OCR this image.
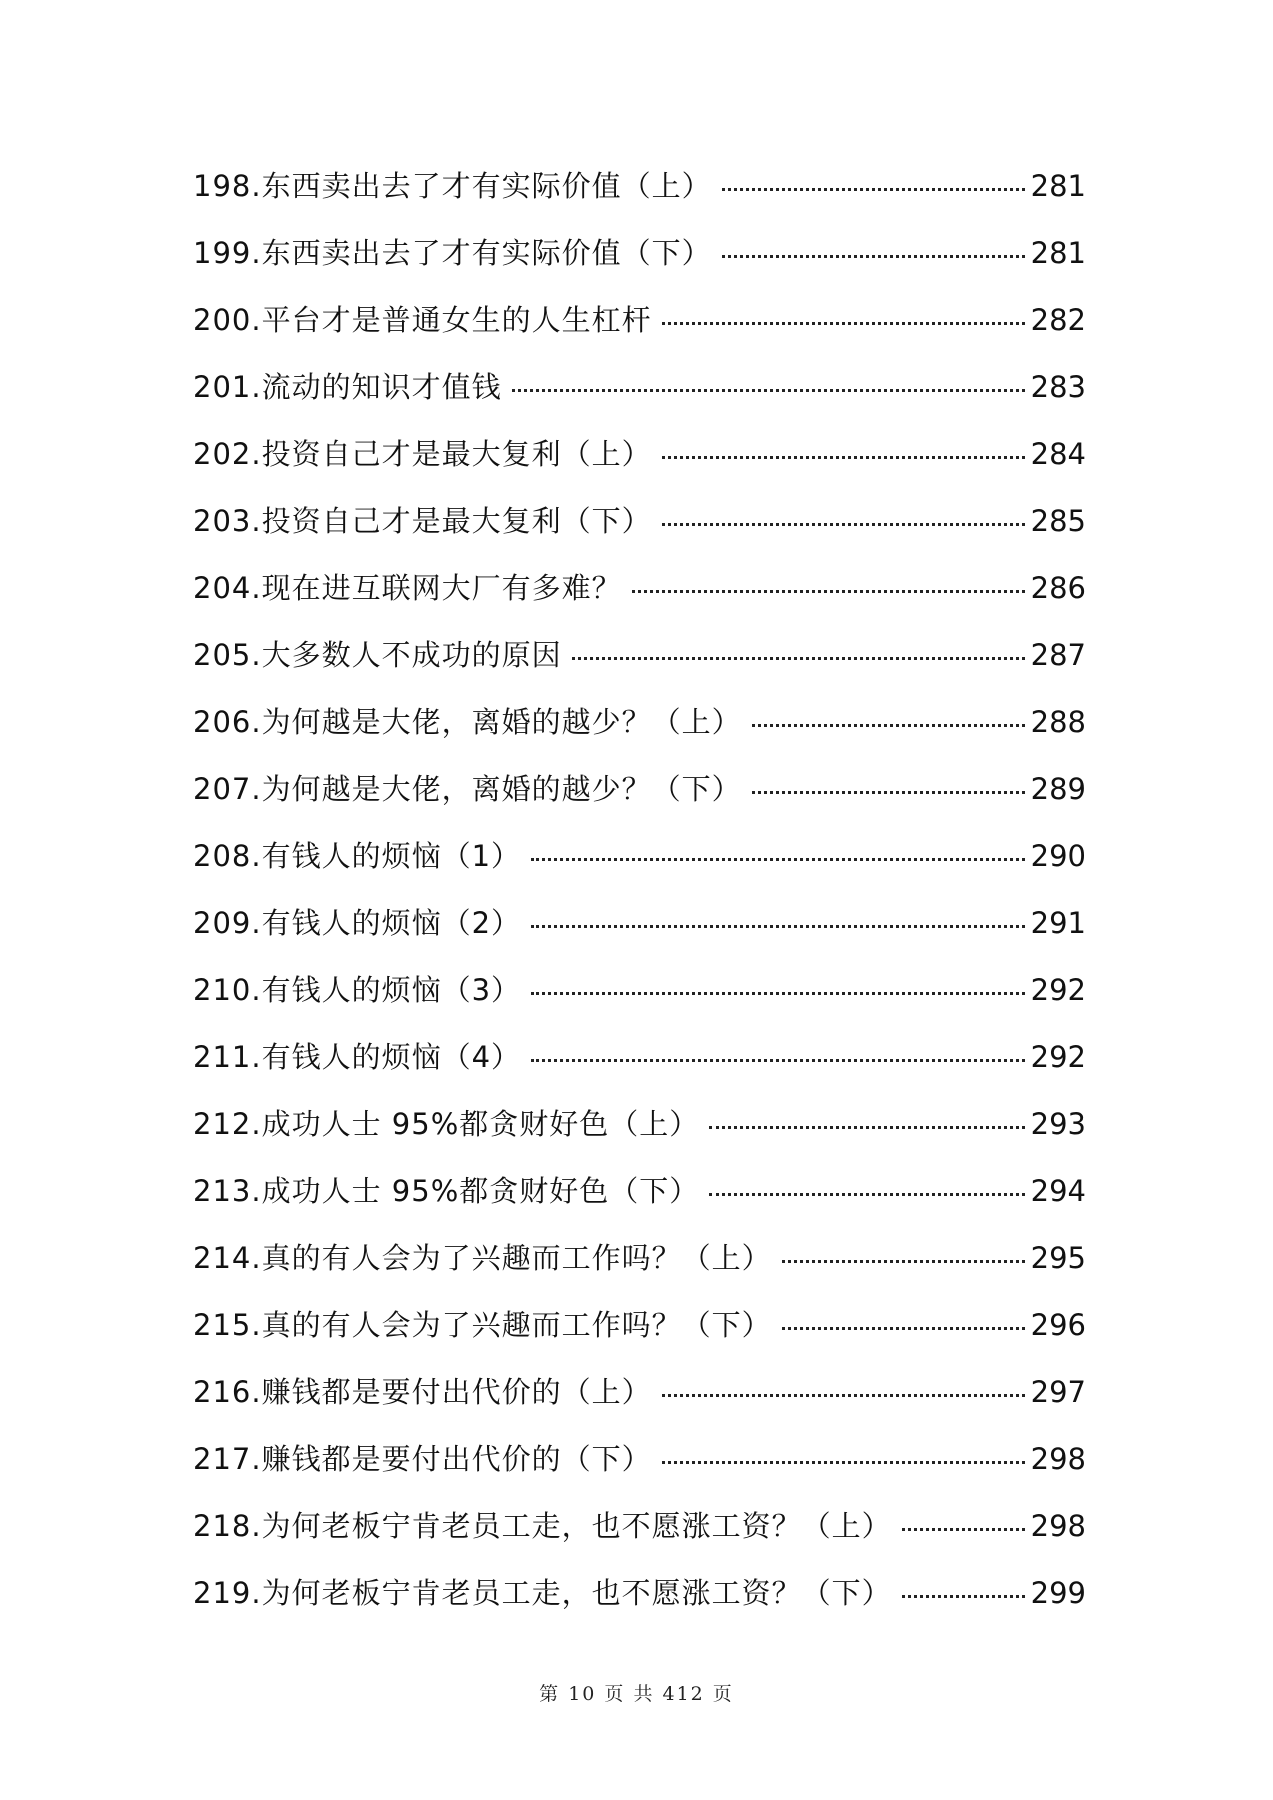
198.东西卖出去了才有实际价值（上）	281
199.东西卖出去了才有实际价值（下）	281
200.平台才是普通女生的人生杠杆	282
201.流动的知识才值钱	283
202.投资自己才是最大复利（上）	284
203.投资自己才是最大复利（下）	285
204.现在进互联网大厂有多难？	286
205.大多数人不成功的原因	287
206.为何越是大佬，离婚的越少？（上）	288
207.为何越是大佬，离婚的越少？（下）	289
208.有钱人的烦恼（1）	290
209.有钱人的烦恼（2）	291
210.有钱人的烦恼（3）	292
211.有钱人的烦恼（4）	292
212.成功人士 95%都贪财好色（上）	293
213.成功人士 95%都贪财好色（下）	294
214.真的有人会为了兴趣而工作吗？（上）	295
215.真的有人会为了兴趣而工作吗？（下）	296
216.赚钱都是要付出代价的（上）	297
217.赚钱都是要付出代价的（下）	298
218.为何老板宁肯老员工走，也不愿涨工资？（上）	298
219.为何老板宁肯老员工走，也不愿涨工资？（下）	299
第 10 页 共 412 页
